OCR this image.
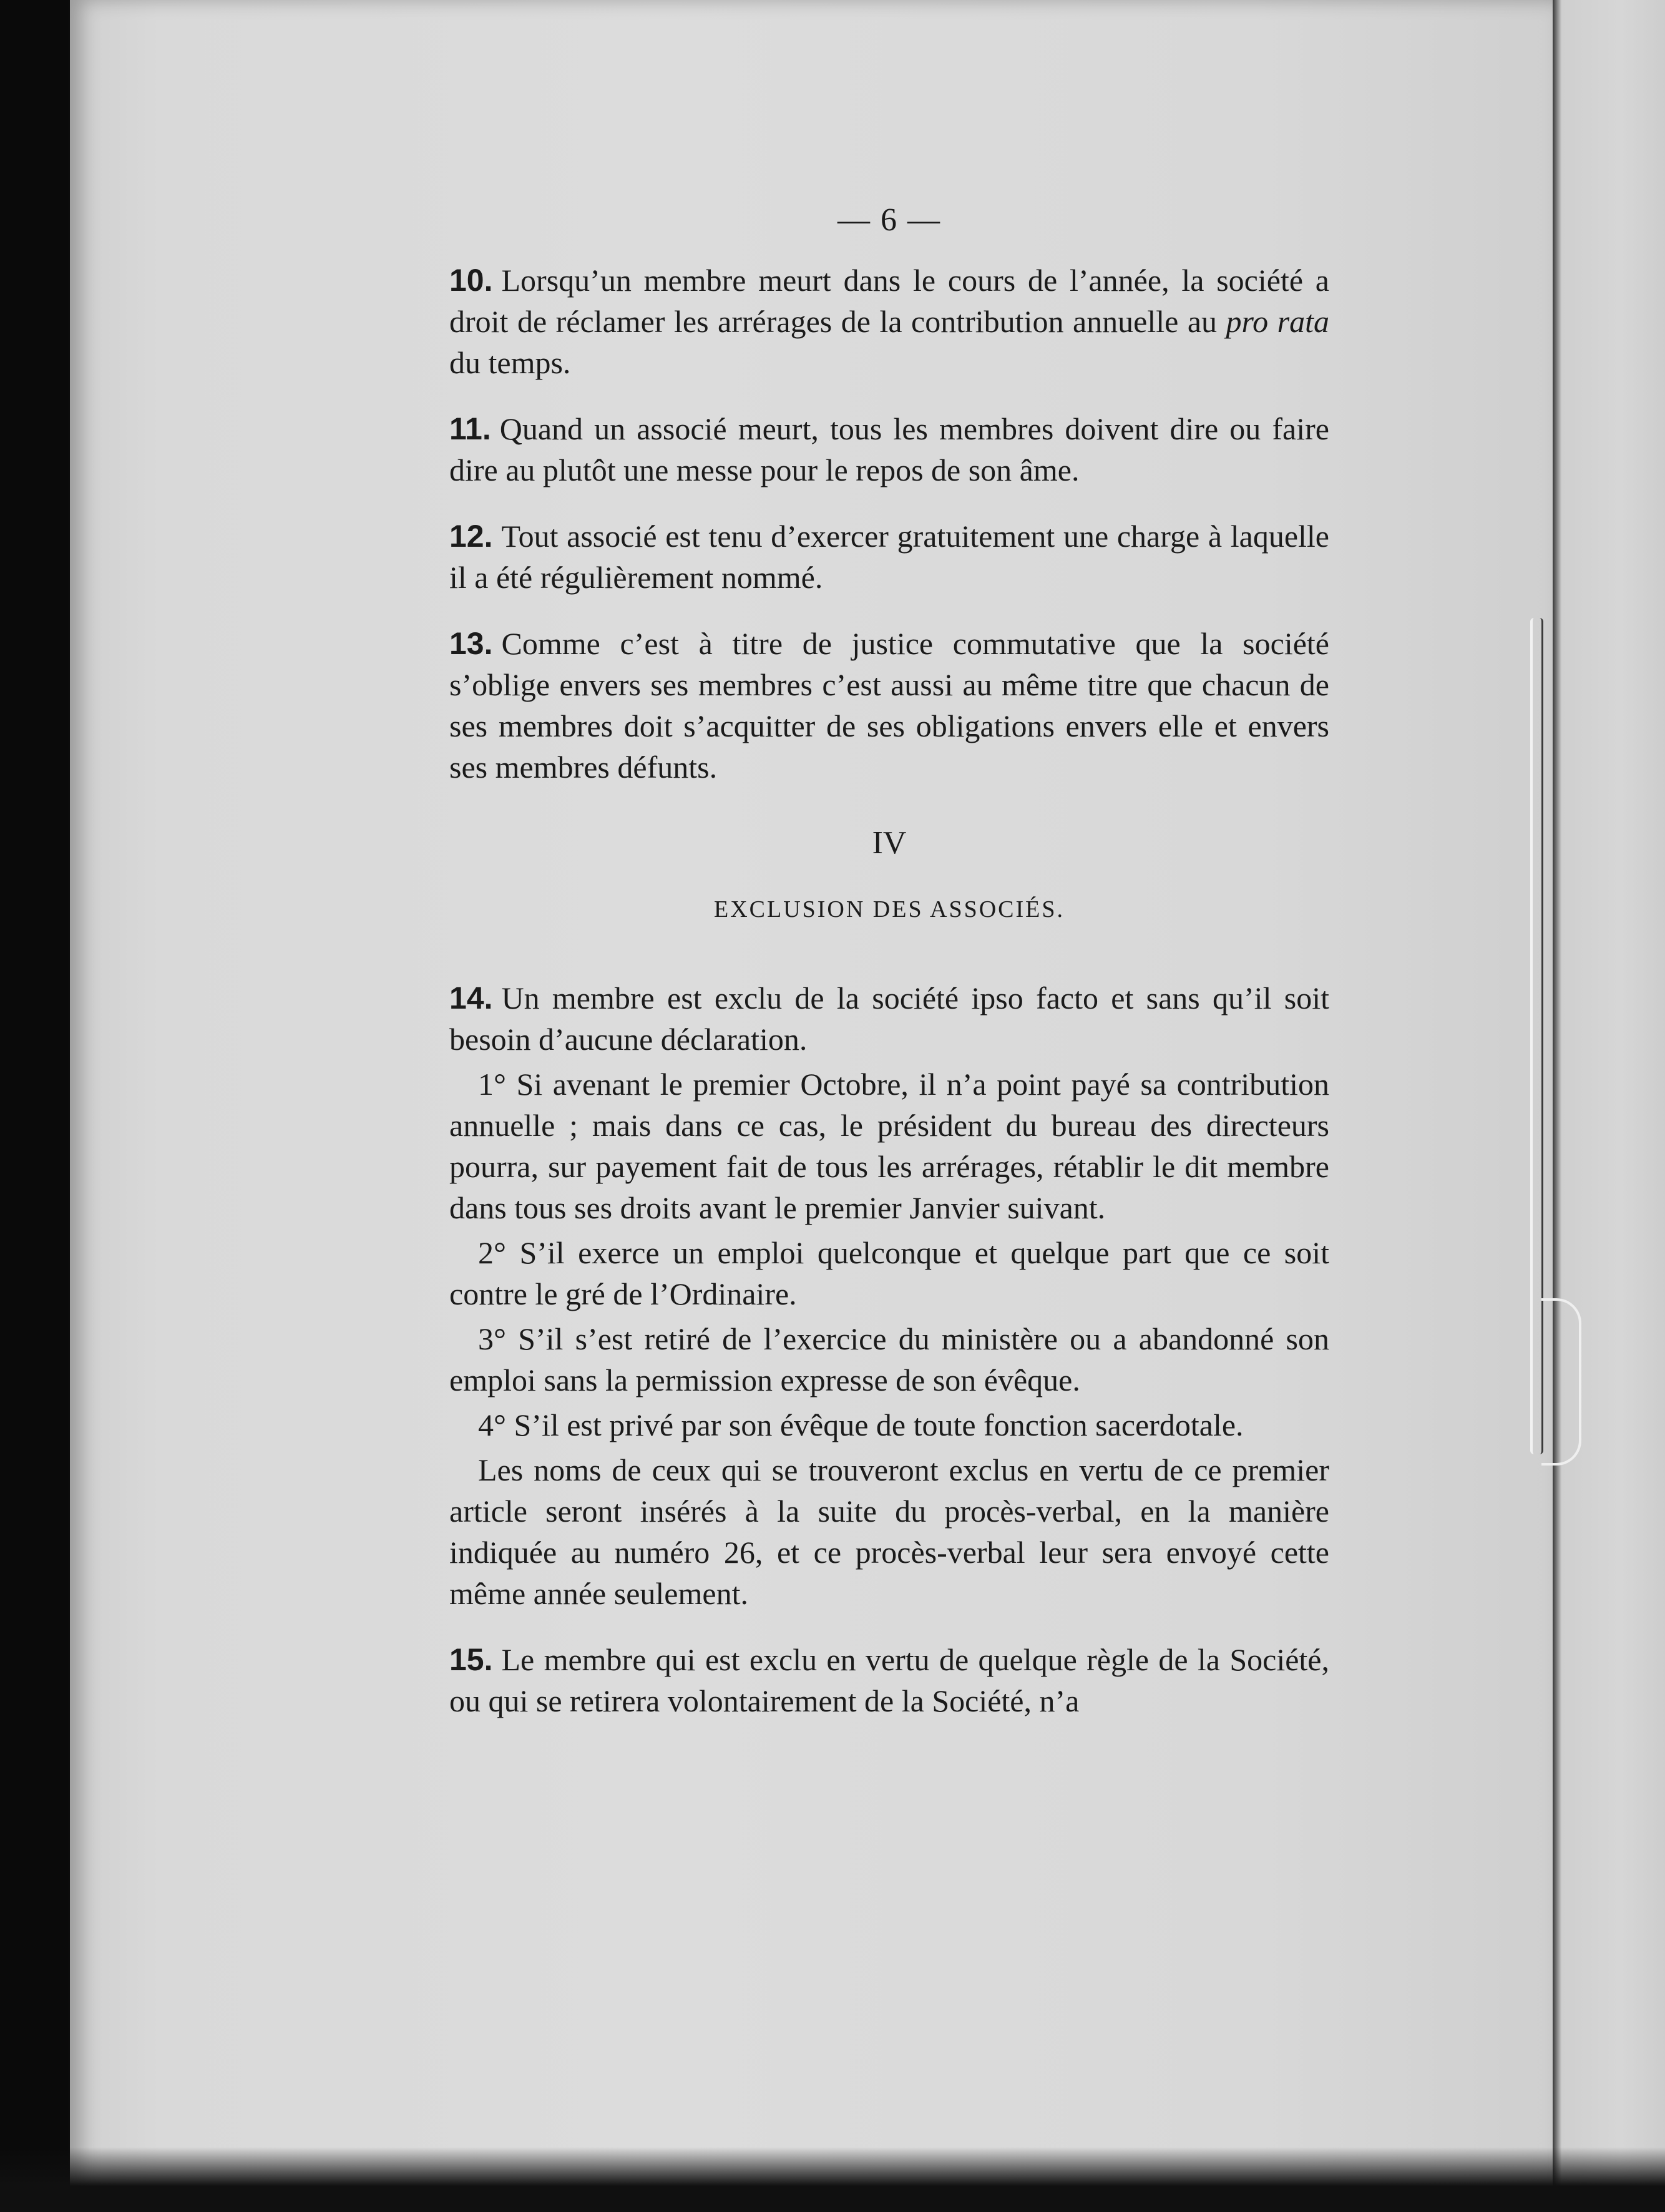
— 6 —

10. Lorsqu’un membre meurt dans le cours de l’année, la société a droit de réclamer les arrérages de la contribution annuelle au pro rata du temps.

11. Quand un associé meurt, tous les membres doivent dire ou faire dire au plutôt une messe pour le repos de son âme.

12. Tout associé est tenu d’exercer gratuitement une charge à laquelle il a été régulièrement nommé.

13. Comme c’est à titre de justice commutative que la société s’oblige envers ses membres c’est aussi au même titre que chacun de ses membres doit s’acquitter de ses obligations envers elle et envers ses membres défunts.

IV
EXCLUSION DES ASSOCIÉS.

14. Un membre est exclu de la société ipso facto et sans qu’il soit besoin d’aucune déclaration.

1° Si avenant le premier Octobre, il n’a point payé sa contribution annuelle ; mais dans ce cas, le président du bureau des directeurs pourra, sur payement fait de tous les arrérages, rétablir le dit membre dans tous ses droits avant le premier Janvier suivant.

2° S’il exerce un emploi quelconque et quelque part que ce soit contre le gré de l’Ordinaire.

3° S’il s’est retiré de l’exercice du ministère ou a abandonné son emploi sans la permission expresse de son évêque.

4° S’il est privé par son évêque de toute fonction sacerdotale.

Les noms de ceux qui se trouveront exclus en vertu de ce premier article seront insérés à la suite du procès-verbal, en la manière indiquée au numéro 26, et ce procès-verbal leur sera envoyé cette même année seulement.

15. Le membre qui est exclu en vertu de quelque règle de la Société, ou qui se retirera volontairement de la Société, n’a
